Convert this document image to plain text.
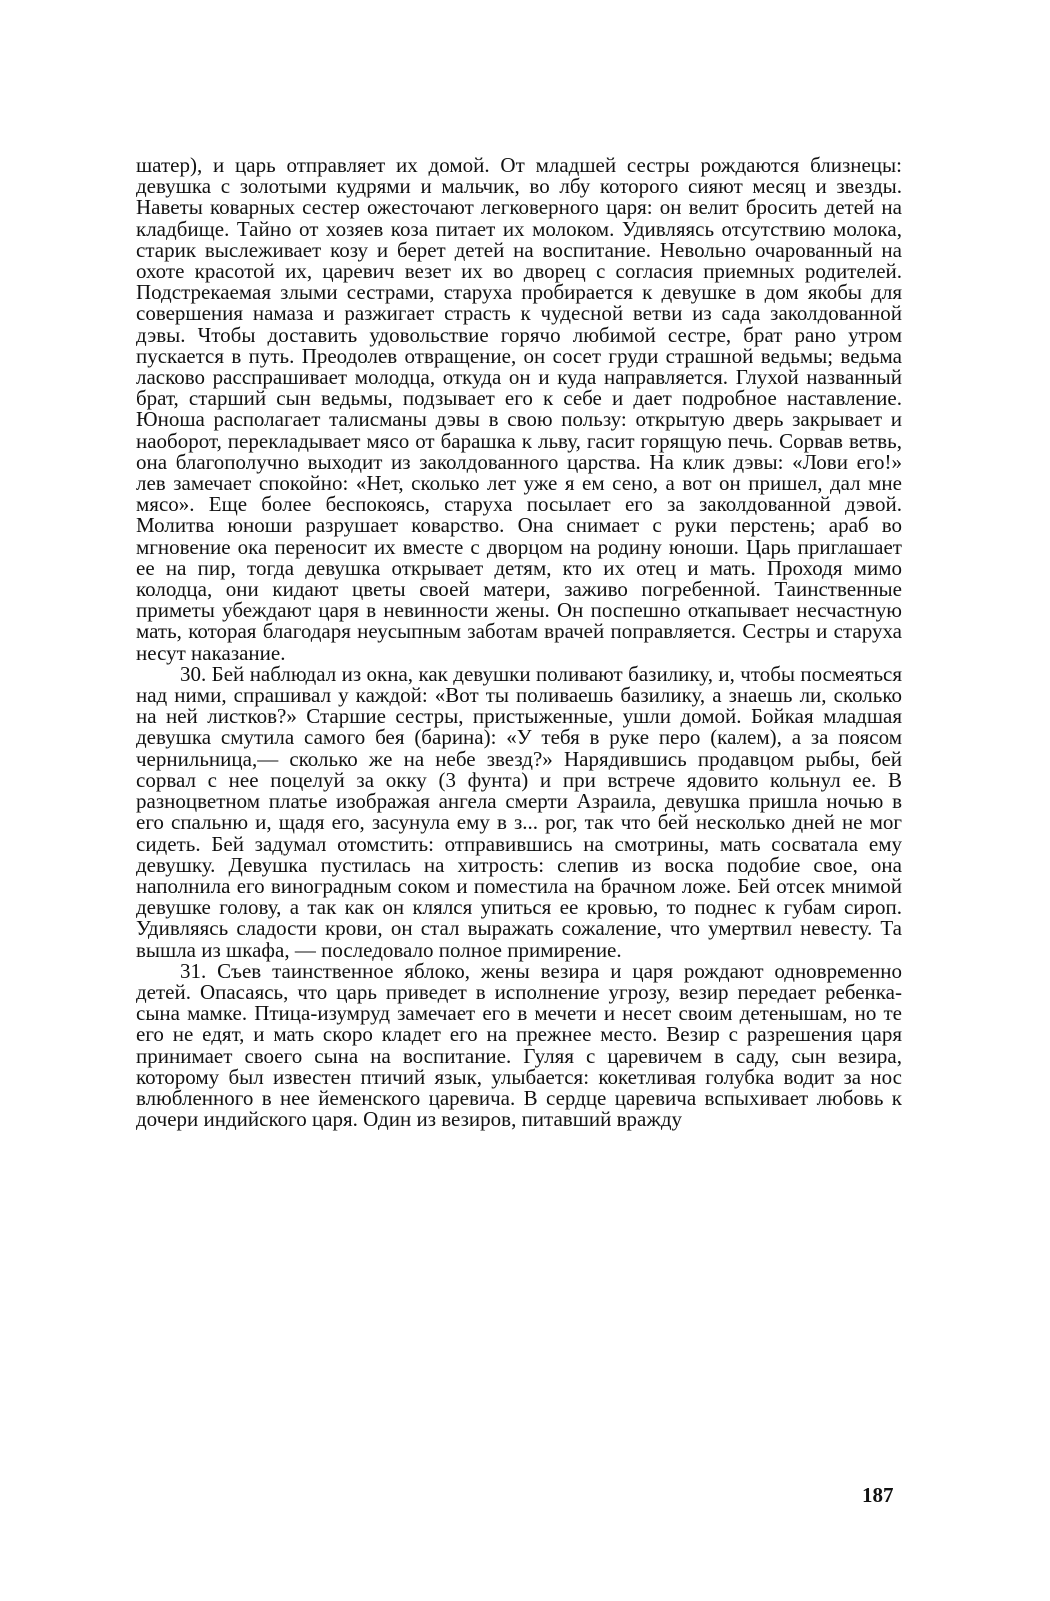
шатер), и царь отправляет их домой. От младшей сестры рождаются близнецы: девушка с золотыми кудрями и мальчик, во лбу которого сияют месяц и звезды. Наветы коварных сестер ожесточают легковерного царя: он велит бросить детей на кладбище. Тайно от хозяев коза питает их молоком. Удивляясь отсутствию молока, старик выслеживает козу и берет детей на воспитание. Невольно очарованный на охоте красотой их, царевич везет их во дворец с согласия приемных родителей. Подстрекаемая злыми сестрами, старуха пробирается к девушке в дом якобы для совершения намаза и разжигает страсть к чудесной ветви из сада заколдованной дэвы. Чтобы доставить удовольствие горячо любимой сестре, брат рано утром пускается в путь. Преодолев отвращение, он сосет груди страшной ведьмы; ведьма ласково расспрашивает молодца, откуда он и куда направляется. Глухой названный брат, старший сын ведьмы, подзывает его к себе и дает подробное наставление. Юноша располагает талисманы дэвы в свою пользу: открытую дверь закрывает и наоборот, перекладывает мясо от барашка к льву, гасит горящую печь. Сорвав ветвь, она благополучно выходит из заколдованного царства. На клик дэвы: «Лови его!» лев замечает спокойно: «Нет, сколько лет уже я ем сено, а вот он пришел, дал мне мясо». Еще более беспокоясь, старуха посылает его за заколдованной дэвой. Молитва юноши разрушает коварство. Она снимает с руки перстень; араб во мгновение ока переносит их вместе с дворцом на родину юноши. Царь приглашает ее на пир, тогда девушка открывает детям, кто их отец и мать. Проходя мимо колодца, они кидают цветы своей матери, заживо погребенной. Таинственные приметы убеждают царя в невинности жены. Он поспешно откапывает несчастную мать, которая благодаря неусыпным заботам врачей поправляется. Сестры и старуха несут наказание.

30. Бей наблюдал из окна, как девушки поливают базилику, и, чтобы посмеяться над ними, спрашивал у каждой: «Вот ты поливаешь базилику, а знаешь ли, сколько на ней листков?» Старшие сестры, пристыженные, ушли домой. Бойкая младшая девушка смутила самого бея (барина): «У тебя в руке перо (калем), а за поясом чернильница,— сколько же на небе звезд?» Нарядившись продавцом рыбы, бей сорвал с нее поцелуй за окку (3 фунта) и при встрече ядовито кольнул ее. В разноцветном платье изображая ангела смерти Азраила, девушка пришла ночью в его спальню и, щадя его, засунула ему в з... рог, так что бей несколько дней не мог сидеть. Бей задумал отомстить: отправившись на смотрины, мать сосватала ему девушку. Девушка пустилась на хитрость: слепив из воска подобие свое, она наполнила его виноградным соком и поместила на брачном ложе. Бей отсек мнимой девушке голову, а так как он клялся упиться ее кровью, то поднес к губам сироп. Удивляясь сладости крови, он стал выражать сожаление, что умертвил невесту. Та вышла из шкафа, — последовало полное примирение.

31. Съев таинственное яблоко, жены везира и царя рождают одновременно детей. Опасаясь, что царь приведет в исполнение угрозу, везир передает ребенка-сына мамке. Птица-изумруд замечает его в мечети и несет своим детенышам, но те его не едят, и мать скоро кладет его на прежнее место. Везир с разрешения царя принимает своего сына на воспитание. Гуляя с царевичем в саду, сын везира, которому был известен птичий язык, улыбается: кокетливая голубка водит за нос влюбленного в нее йеменского царевича. В сердце царевича вспыхивает любовь к дочери индийского царя. Один из везиров, питавший вражду

187
